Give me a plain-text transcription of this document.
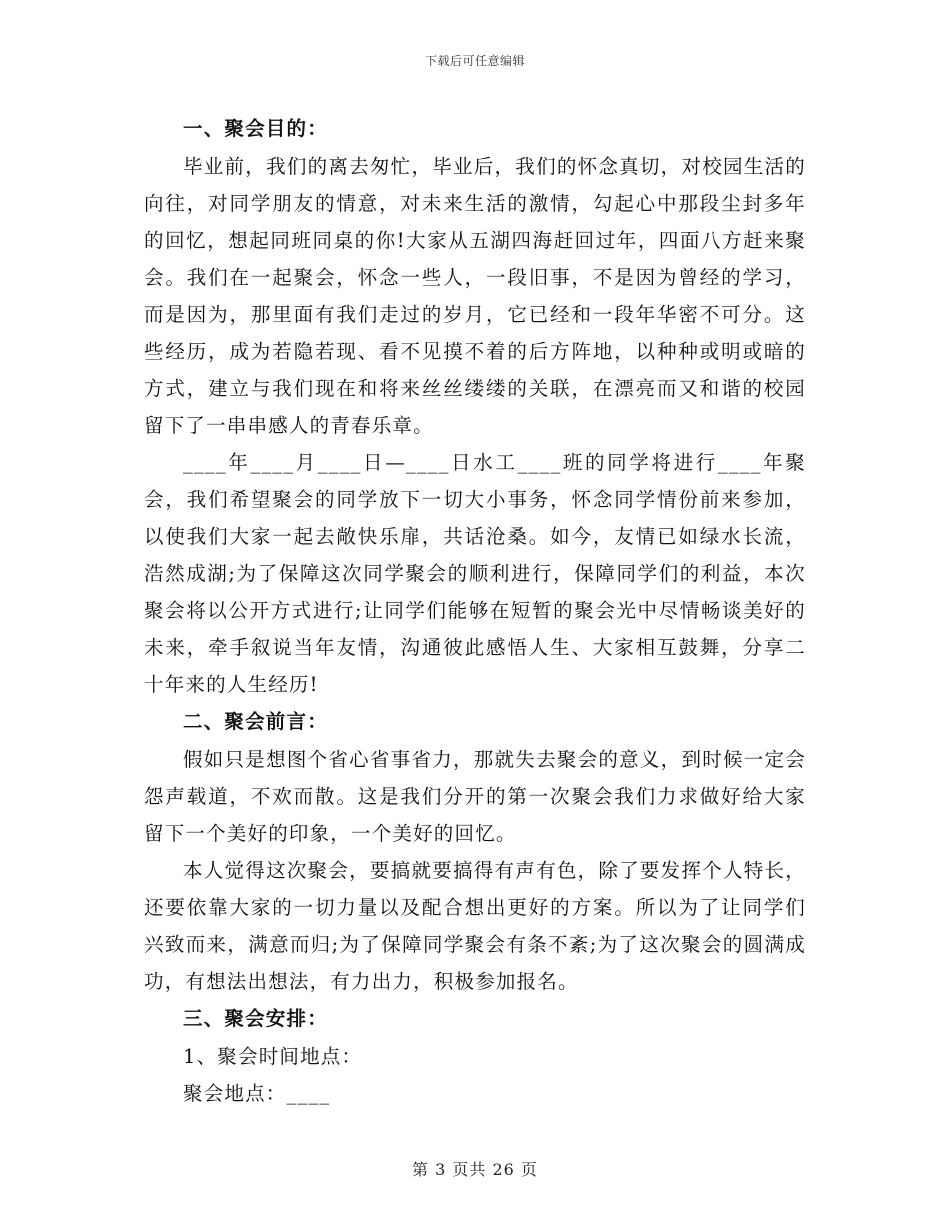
下载后可任意编辑
一、聚会目的：

毕业前，我们的离去匆忙，毕业后，我们的怀念真切，对校园生活的向往，对同学朋友的情意，对未来生活的激情，勾起心中那段尘封多年的回忆，想起同班同桌的你!大家从五湖四海赶回过年，四面八方赶来聚会。我们在一起聚会，怀念一些人，一段旧事，不是因为曾经的学习，而是因为，那里面有我们走过的岁月，它已经和一段年华密不可分。这些经历，成为若隐若现、看不见摸不着的后方阵地，以种种或明或暗的方式，建立与我们现在和将来丝丝缕缕的关联，在漂亮而又和谐的校园留下了一串串感人的青春乐章。

____年____月____日—____日水工____班的同学将进行____年聚会，我们希望聚会的同学放下一切大小事务，怀念同学情份前来参加，以使我们大家一起去敞快乐扉，共话沧桑。如今，友情已如绿水长流，浩然成湖;为了保障这次同学聚会的顺利进行，保障同学们的利益，本次聚会将以公开方式进行;让同学们能够在短暂的聚会光中尽情畅谈美好的未来，牵手叙说当年友情，沟通彼此感悟人生、大家相互鼓舞，分享二十年来的人生经历!

二、聚会前言：

假如只是想图个省心省事省力，那就失去聚会的意义，到时候一定会怨声载道，不欢而散。这是我们分开的第一次聚会我们力求做好给大家留下一个美好的印象，一个美好的回忆。

本人觉得这次聚会，要搞就要搞得有声有色，除了要发挥个人特长，还要依靠大家的一切力量以及配合想出更好的方案。所以为了让同学们兴致而来，满意而归;为了保障同学聚会有条不紊;为了这次聚会的圆满成功，有想法出想法，有力出力，积极参加报名。

三、聚会安排：

1、聚会时间地点：

聚会地点：____

第 3 页共 26 页
